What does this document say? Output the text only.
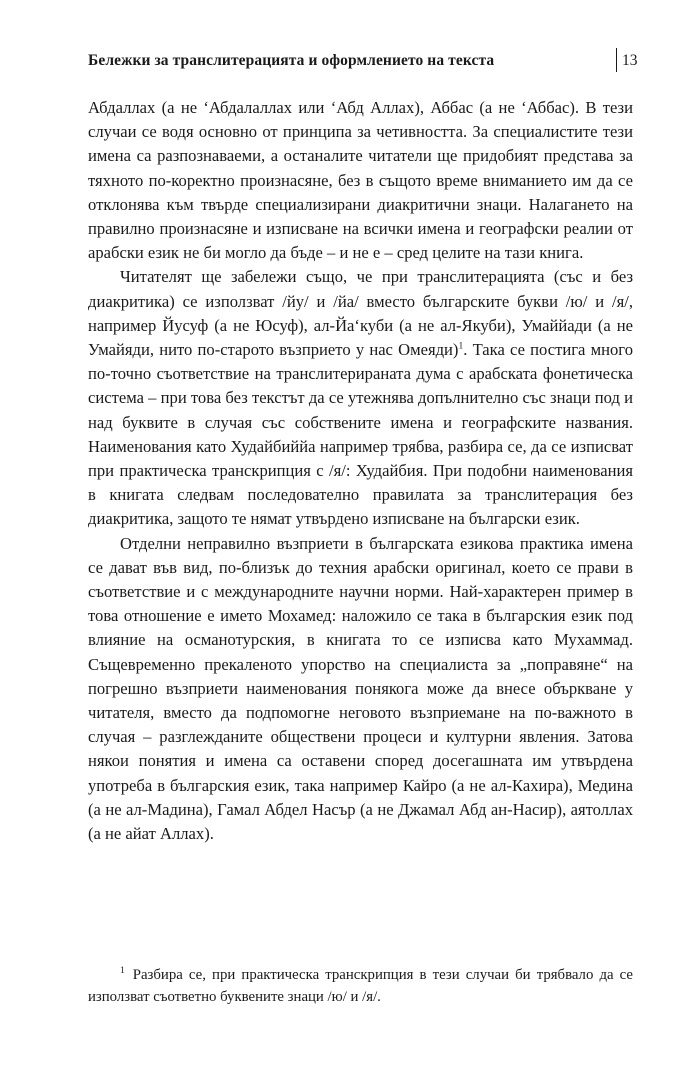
Бележки за транслитерацията и оформлението на текста	13

Абдаллах (а не ‘Абдалаллах или ‘Абд Аллах), Аббас (а не ‘Аббас). В тези случаи се водя основно от принципа за четивността. За специалистите тези имена са разпознаваеми, а останалите читатели ще придобият представа за тяхното по-коректно произнасяне, без в същото време вниманието им да се отклонява към твърде специализирани диакритични знаци. Налагането на правилно произнасяне и изписване на всички имена и географски реалии от арабски език не би могло да бъде – и не е – сред целите на тази книга.

Читателят ще забележи също, че при транслитерацията (със и без диакритика) се използват /йу/ и /йа/ вместо българските букви /ю/ и /я/, например Йусуф (а не Юсуф), ал-Йа‘куби (а не ал-Якуби), Умаййади (а не Умайяди, нито по-старото възприето у нас Омеяди)$^1$. Така се постига много по-точно съответствие на транслитерираната дума с арабската фонетическа система – при това без текстът да се утежнява допълнително със знаци под и над буквите в случая със собствените имена и географските названия. Наименования като Худайбиййа например трябва, разбира се, да се изписват при практическа транскрипция с /я/: Худайбия. При подобни наименования в книгата следвам последователно правилата за транслитерация без диакритика, защото те нямат утвърдено изписване на български език.

Отделни неправилно възприети в българската езикова практика имена се дават във вид, по-близък до техния арабски оригинал, което се прави в съответствие и с международните научни норми. Най-характерен пример в това отношение е името Мохамед: наложило се така в българския език под влияние на османотурския, в книгата то се изписва като Мухаммад. Същевременно прекаленото упорство на специалиста за „поправяне“ на погрешно възприети наименования понякога може да внесе объркване у читателя, вместо да подпомогне неговото възприемане на по-важното в случая – разглежданите обществени процеси и културни явления. Затова някои понятия и имена са оставени според досегашната им утвърдена употреба в българския език, така например Кайро (а не ал-Кахира), Медина (а не ал-Мадина), Гамал Абдел Насър (а не Джамал Абд ан-Насир), аятоллах (а не айат Аллах).

$^1$ Разбира се, при практическа транскрипция в тези случаи би трябвало да се използват съответно буквените знаци /ю/ и /я/.
